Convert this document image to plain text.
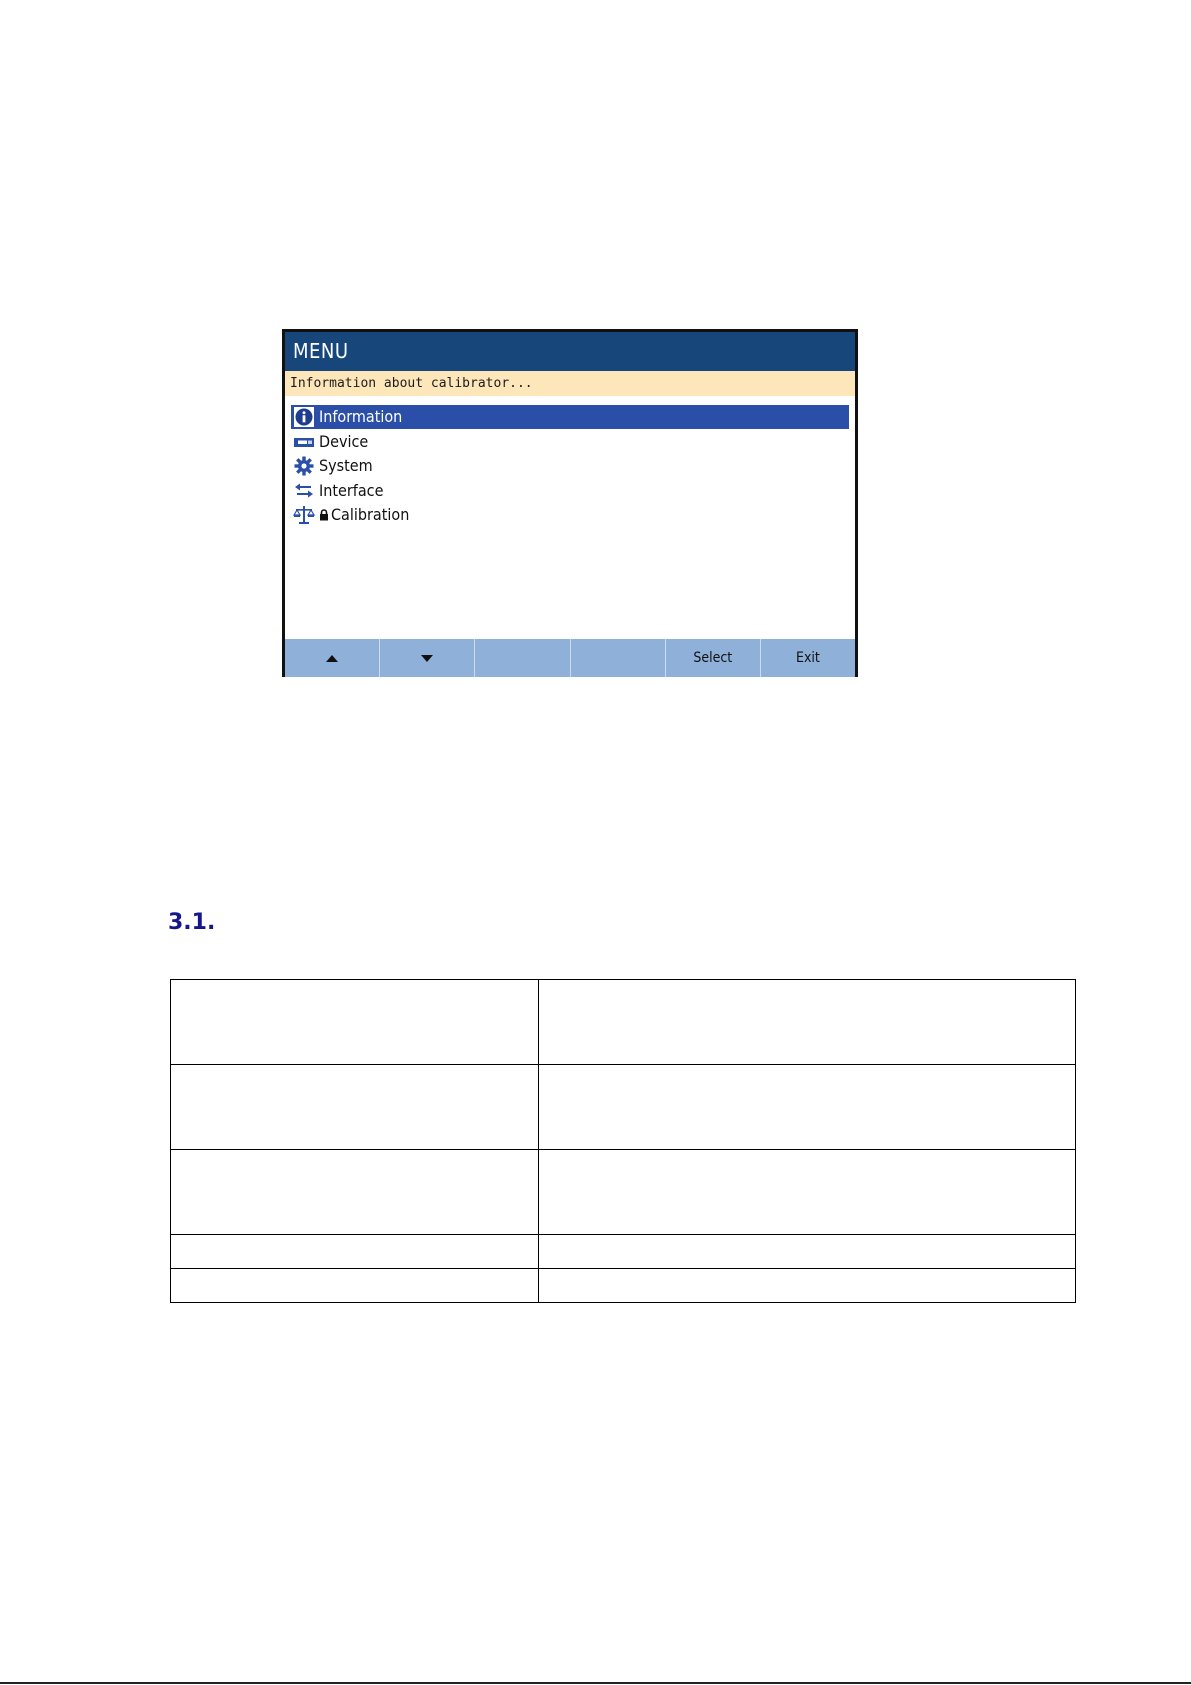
MENU
Information about calibrator...
Information
Device
System
Interface
Calibration
Select	Exit
3.1.
